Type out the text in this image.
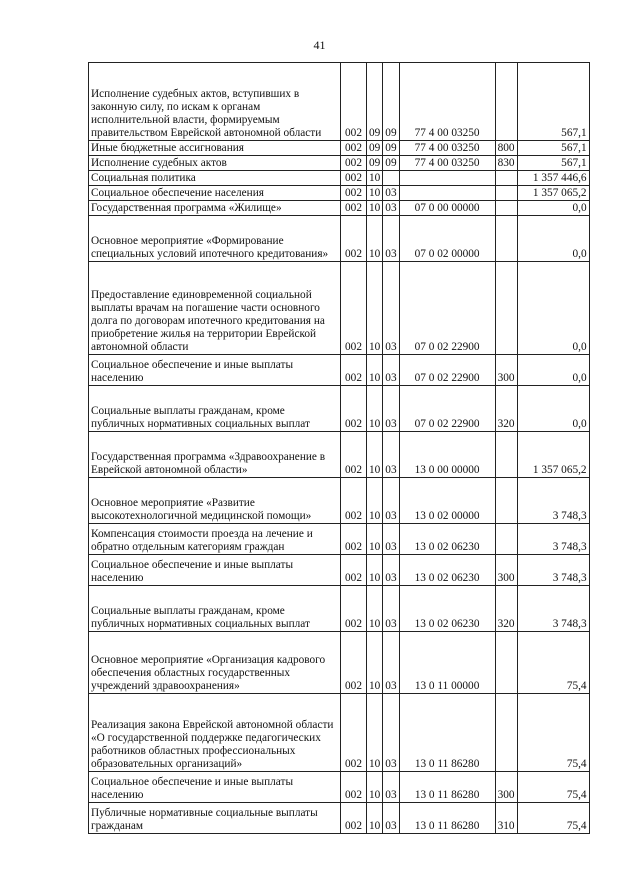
41
Исполнение судебных актов, вступивших в законную силу, по искам к органам исполнительной власти, формируемым правительством Еврейской автономной области	002	09	09	77 4 00 03250		567,1
Иные бюджетные ассигнования	002	09	09	77 4 00 03250	800	567,1
Исполнение судебных актов	002	09	09	77 4 00 03250	830	567,1
Социальная политика	002	10				1 357 446,6
Социальное обеспечение населения	002	10	03			1 357 065,2
Государственная программа «Жилище»	002	10	03	07 0 00 00000		0,0
Основное мероприятие «Формирование специальных условий ипотечного кредитования»	002	10	03	07 0 02 00000		0,0
Предоставление единовременной социальной выплаты врачам на погашение части основного долга по договорам ипотечного кредитования на приобретение жилья на территории Еврейской автономной области	002	10	03	07 0 02 22900		0,0
Социальное обеспечение и иные выплаты населению	002	10	03	07 0 02 22900	300	0,0
Социальные выплаты гражданам, кроме публичных нормативных социальных выплат	002	10	03	07 0 02 22900	320	0,0
Государственная программа «Здравоохранение в Еврейской автономной области»	002	10	03	13 0 00 00000		1 357 065,2
Основное мероприятие «Развитие высокотехнологичной медицинской помощи»	002	10	03	13 0 02 00000		3 748,3
Компенсация стоимости проезда на лечение и обратно отдельным категориям граждан	002	10	03	13 0 02 06230		3 748,3
Социальное обеспечение и иные выплаты населению	002	10	03	13 0 02 06230	300	3 748,3
Социальные выплаты гражданам, кроме публичных нормативных социальных выплат	002	10	03	13 0 02 06230	320	3 748,3
Основное мероприятие «Организация кадрового обеспечения областных государственных учреждений здравоохранения»	002	10	03	13 0 11 00000		75,4
Реализация закона Еврейской автономной области «О государственной поддержке педагогических работников областных профессиональных образовательных организаций»	002	10	03	13 0 11 86280		75,4
Социальное обеспечение и иные выплаты населению	002	10	03	13 0 11 86280	300	75,4
Публичные нормативные социальные выплаты гражданам	002	10	03	13 0 11 86280	310	75,4
